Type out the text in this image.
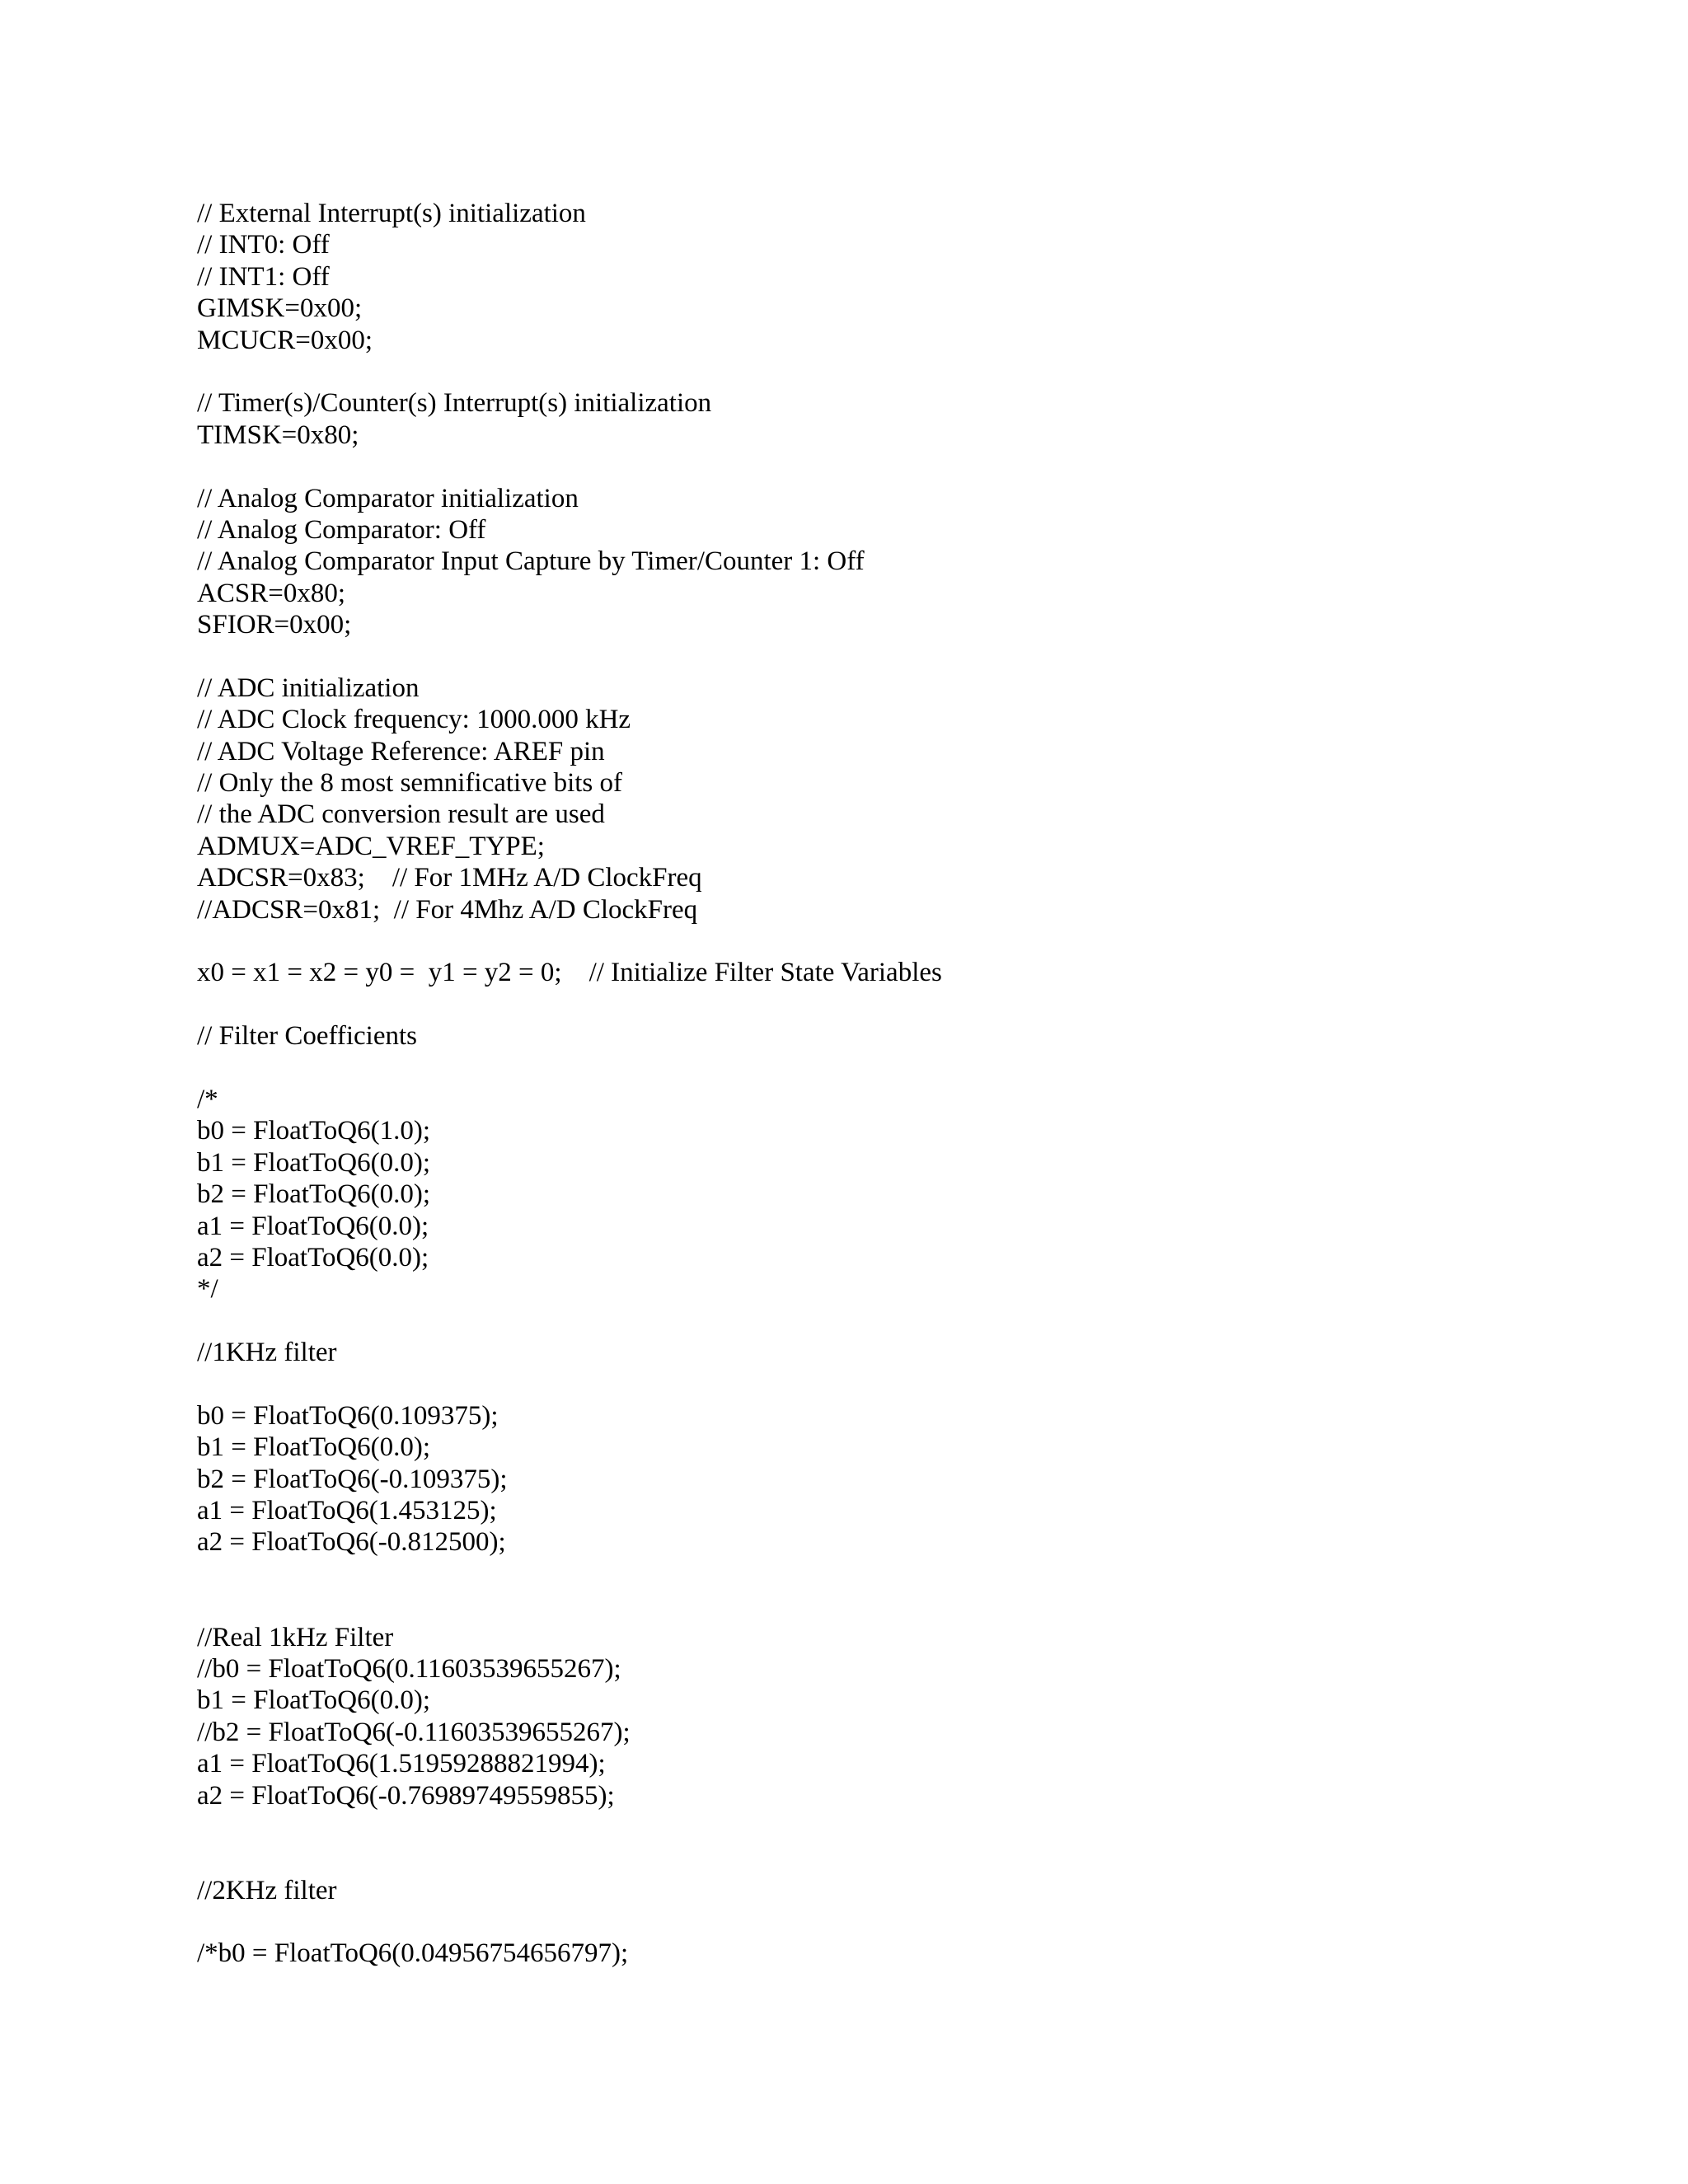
// External Interrupt(s) initialization
// INT0: Off
// INT1: Off
GIMSK=0x00;
MCUCR=0x00;
// Timer(s)/Counter(s) Interrupt(s) initialization
TIMSK=0x80;
// Analog Comparator initialization
// Analog Comparator: Off
// Analog Comparator Input Capture by Timer/Counter 1: Off
ACSR=0x80;
SFIOR=0x00;
// ADC initialization
// ADC Clock frequency: 1000.000 kHz
// ADC Voltage Reference: AREF pin
// Only the 8 most semnificative bits of
// the ADC conversion result are used
ADMUX=ADC_VREF_TYPE;
ADCSR=0x83;    // For 1MHz A/D ClockFreq
//ADCSR=0x81;  // For 4Mhz A/D ClockFreq
x0 = x1 = x2 = y0 =  y1 = y2 = 0;    // Initialize Filter State Variables
// Filter Coefficients
/*
b0 = FloatToQ6(1.0);
b1 = FloatToQ6(0.0);
b2 = FloatToQ6(0.0);
a1 = FloatToQ6(0.0);
a2 = FloatToQ6(0.0);
*/
//1KHz filter
b0 = FloatToQ6(0.109375);
b1 = FloatToQ6(0.0);
b2 = FloatToQ6(-0.109375);
a1 = FloatToQ6(1.453125);
a2 = FloatToQ6(-0.812500);
//Real 1kHz Filter
//b0 = FloatToQ6(0.11603539655267);
b1 = FloatToQ6(0.0);
//b2 = FloatToQ6(-0.11603539655267);
a1 = FloatToQ6(1.51959288821994);
a2 = FloatToQ6(-0.76989749559855);
//2KHz filter
/*b0 = FloatToQ6(0.04956754656797);
